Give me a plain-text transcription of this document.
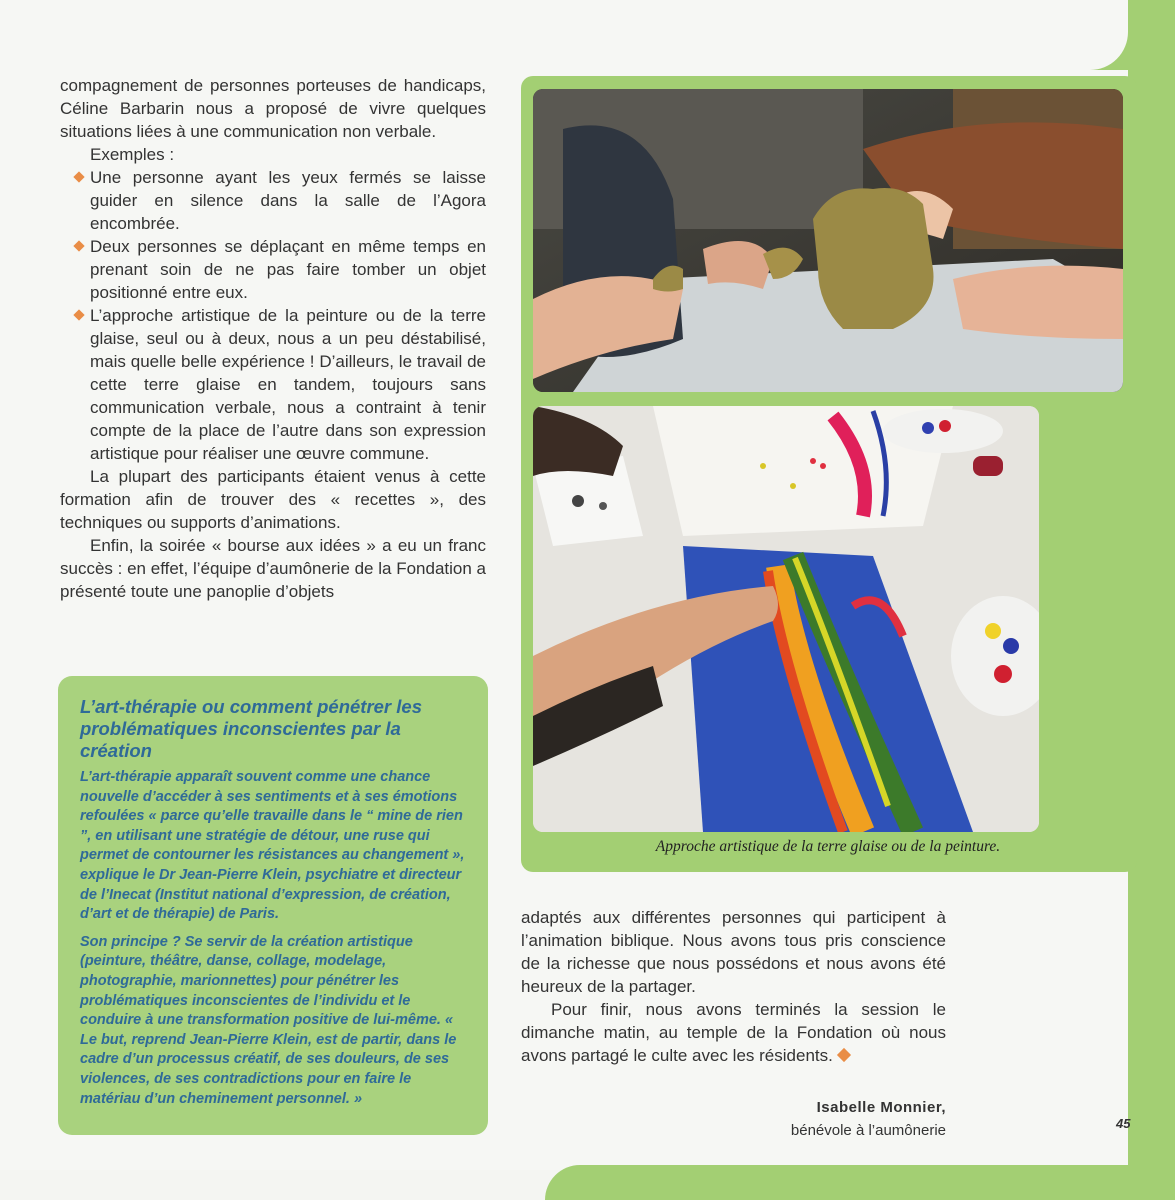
compagnement de personnes porteuses de handicaps, Céline Barbarin nous a proposé de vivre quelques situations liées à une communication non verbale.

Exemples :

Une personne ayant les yeux fermés se laisse guider en silence dans la salle de l’Agora encombrée.
Deux personnes se déplaçant en même temps en prenant soin de ne pas faire tomber un objet positionné entre eux.
L’approche artistique de la peinture ou de la terre glaise, seul ou à deux, nous a un peu déstabilisé, mais quelle belle expérience ! D’ailleurs, le travail de cette terre glaise en tandem, toujours sans communication verbale, nous a contraint à tenir compte de la place de l’autre dans son expression artistique pour réaliser une œuvre commune.

La plupart des participants étaient venus à cette formation afin de trouver des « recettes », des techniques ou supports d’animations.

Enfin, la soirée « bourse aux idées » a eu un franc succès : en effet, l’équipe d’aumônerie de la Fondation a présenté toute une panoplie d’objets

L’art-thérapie ou comment pénétrer les problématiques inconscientes par la création

L’art-thérapie apparaît souvent comme une chance nouvelle d’accéder à ses sentiments et à ses émotions refoulées « parce qu’elle travaille dans le “ mine de rien ”, en utilisant une stratégie de détour, une ruse qui permet de contourner les résistances au changement », explique le Dr Jean-Pierre Klein, psychiatre et directeur de l’Inecat (Institut national d’expression, de création, d’art et de thérapie) de Paris.

Son principe ? Se servir de la création artistique (peinture, théâtre, danse, collage, modelage, photographie, marionnettes) pour pénétrer les problématiques inconscientes de l’individu et le conduire à une transformation positive de lui-même. « Le but, reprend Jean-Pierre Klein, est de partir, dans le cadre d’un processus créatif, de ses douleurs, de ses violences, de ses contradictions pour en faire le matériau d’un cheminement personnel. »

Approche artistique de la terre glaise ou de la peinture.

adaptés aux différentes personnes qui participent à l’animation biblique. Nous avons tous pris conscience de la richesse que nous possédons et nous avons été heureux de la partager.

Pour finir, nous avons terminés la session le dimanche matin, au temple de la Fondation où nous avons partagé le culte avec les résidents.

Isabelle Monnier,
bénévole à l’aumônerie	45
